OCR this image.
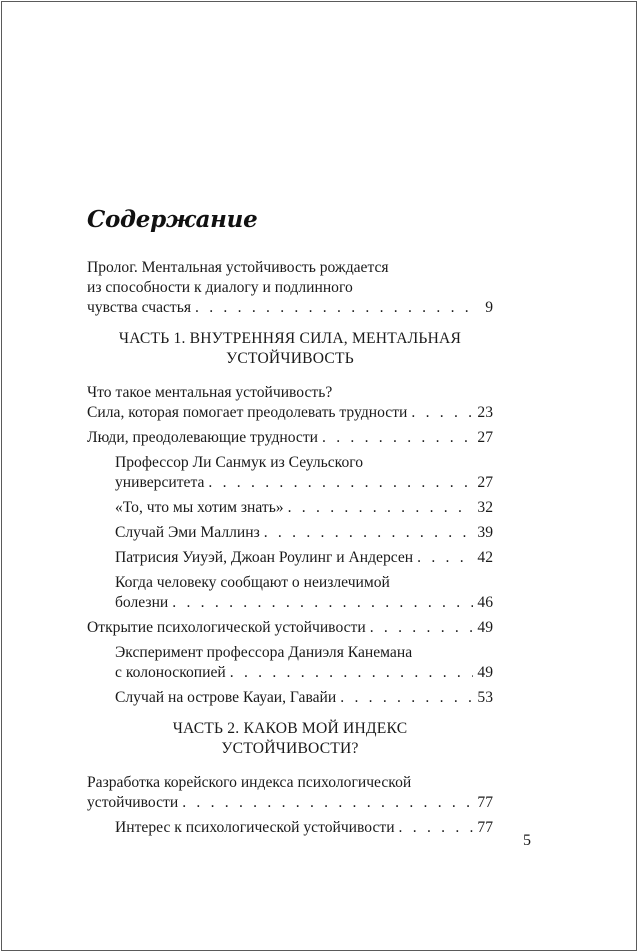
Содержание
Пролог. Ментальная устойчивость рождается
из способности к диалогу и подлинного
чувства счастья . . .	9
ЧАСТЬ 1. ВНУТРЕННЯЯ СИЛА, МЕНТАЛЬНАЯ
УСТОЙЧИВОСТЬ
Что такое ментальная устойчивость?
Сила, которая помогает преодолевать трудности . . .	23
Люди, преодолевающие трудности . . .	27
Профессор Ли Санмук из Сеульского
университета . . .	27
«То, что мы хотим знать» . . .	32
Случай Эми Маллинз . . .	39
Патрисия Уиуэй, Джоан Роулинг и Андерсен . . .	42
Когда человеку сообщают о неизлечимой
болезни . . .	46
Открытие психологической устойчивости . . .	49
Эксперимент профессора Даниэля Канемана
с колоноскопией . . .	49
Случай на острове Кауаи, Гавайи . . .	53
ЧАСТЬ 2. КАКОВ МОЙ ИНДЕКС
УСТОЙЧИВОСТИ?
Разработка корейского индекса психологической
устойчивости . . .	77
Интерес к психологической устойчивости . . .	77
5
